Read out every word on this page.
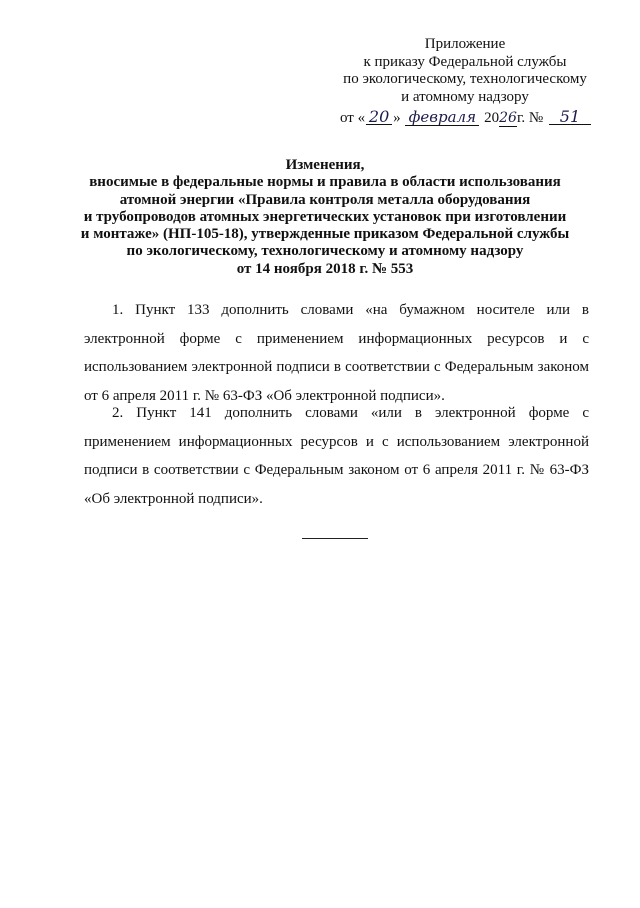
Приложение
к приказу Федеральной службы
по экологическому, технологическому
и атомному надзору
от « 20 » февраля 2026г. № 51
Изменения,
вносимые в федеральные нормы и правила в области использования
атомной энергии «Правила контроля металла оборудования
и трубопроводов атомных энергетических установок при изготовлении
и монтаже» (НП-105-18), утвержденные приказом Федеральной службы
по экологическому, технологическому и атомному надзору
от 14 ноября 2018 г. № 553

1. Пункт 133 дополнить словами «на бумажном носителе или в электронной форме с применением информационных ресурсов и с использованием электронной подписи в соответствии с Федеральным законом от 6 апреля 2011 г. № 63-ФЗ «Об электронной подписи».

2. Пункт 141 дополнить словами «или в электронной форме с применением информационных ресурсов и с использованием электронной подписи в соответствии с Федеральным законом от 6 апреля 2011 г. № 63-ФЗ «Об электронной подписи».
